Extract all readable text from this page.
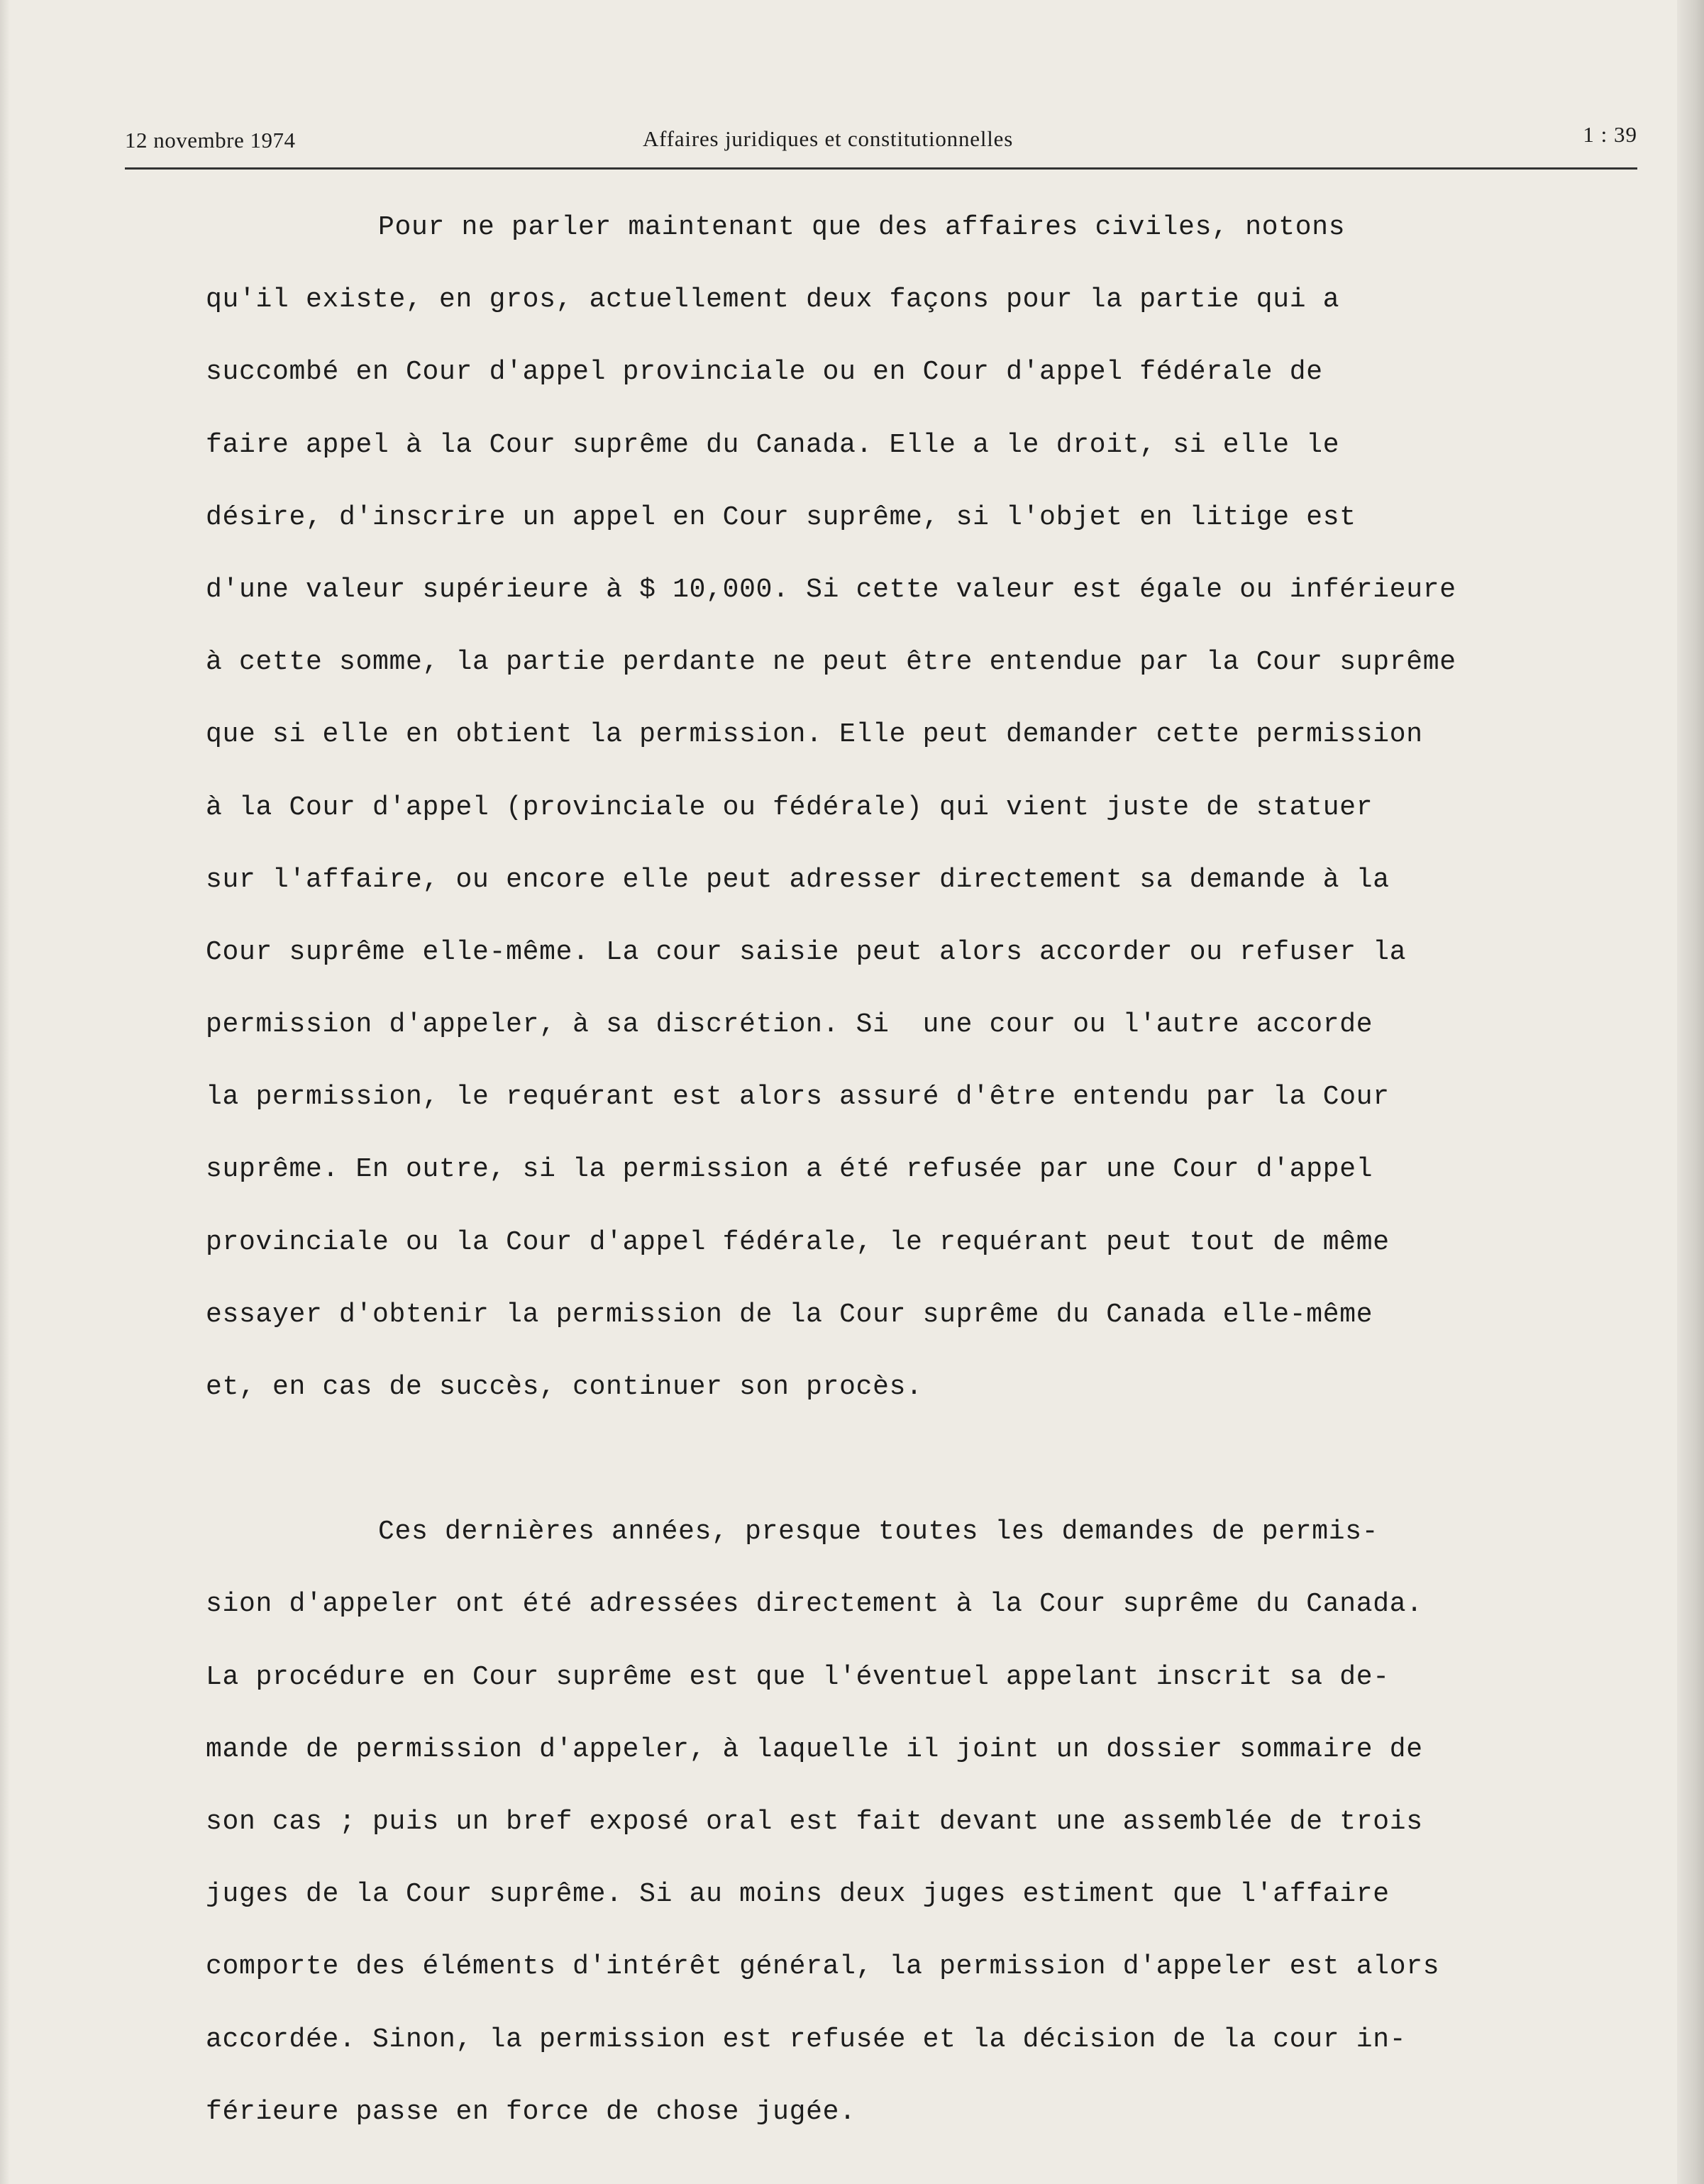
12 novembre 1974	Affaires juridiques et constitutionnelles	1 : 39
Pour ne parler maintenant que des affaires civiles, notons
qu'il existe, en gros, actuellement deux façons pour la partie qui a
succombé en Cour d'appel provinciale ou en Cour d'appel fédérale de
faire appel à la Cour suprême du Canada. Elle a le droit, si elle le
désire, d'inscrire un appel en Cour suprême, si l'objet en litige est
d'une valeur supérieure à $ 10,000. Si cette valeur est égale ou inférieure
à cette somme, la partie perdante ne peut être entendue par la Cour suprême
que si elle en obtient la permission. Elle peut demander cette permission
à la Cour d'appel (provinciale ou fédérale) qui vient juste de statuer
sur l'affaire, ou encore elle peut adresser directement sa demande à la
Cour suprême elle-même. La cour saisie peut alors accorder ou refuser la
permission d'appeler, à sa discrétion. Si  une cour ou l'autre accorde
la permission, le requérant est alors assuré d'être entendu par la Cour
suprême. En outre, si la permission a été refusée par une Cour d'appel
provinciale ou la Cour d'appel fédérale, le requérant peut tout de même
essayer d'obtenir la permission de la Cour suprême du Canada elle-même
et, en cas de succès, continuer son procès.
Ces dernières années, presque toutes les demandes de permis-
sion d'appeler ont été adressées directement à la Cour suprême du Canada.
La procédure en Cour suprême est que l'éventuel appelant inscrit sa de-
mande de permission d'appeler, à laquelle il joint un dossier sommaire de
son cas ; puis un bref exposé oral est fait devant une assemblée de trois
juges de la Cour suprême. Si au moins deux juges estiment que l'affaire
comporte des éléments d'intérêt général, la permission d'appeler est alors
accordée. Sinon, la permission est refusée et la décision de la cour in-
férieure passe en force de chose jugée.
